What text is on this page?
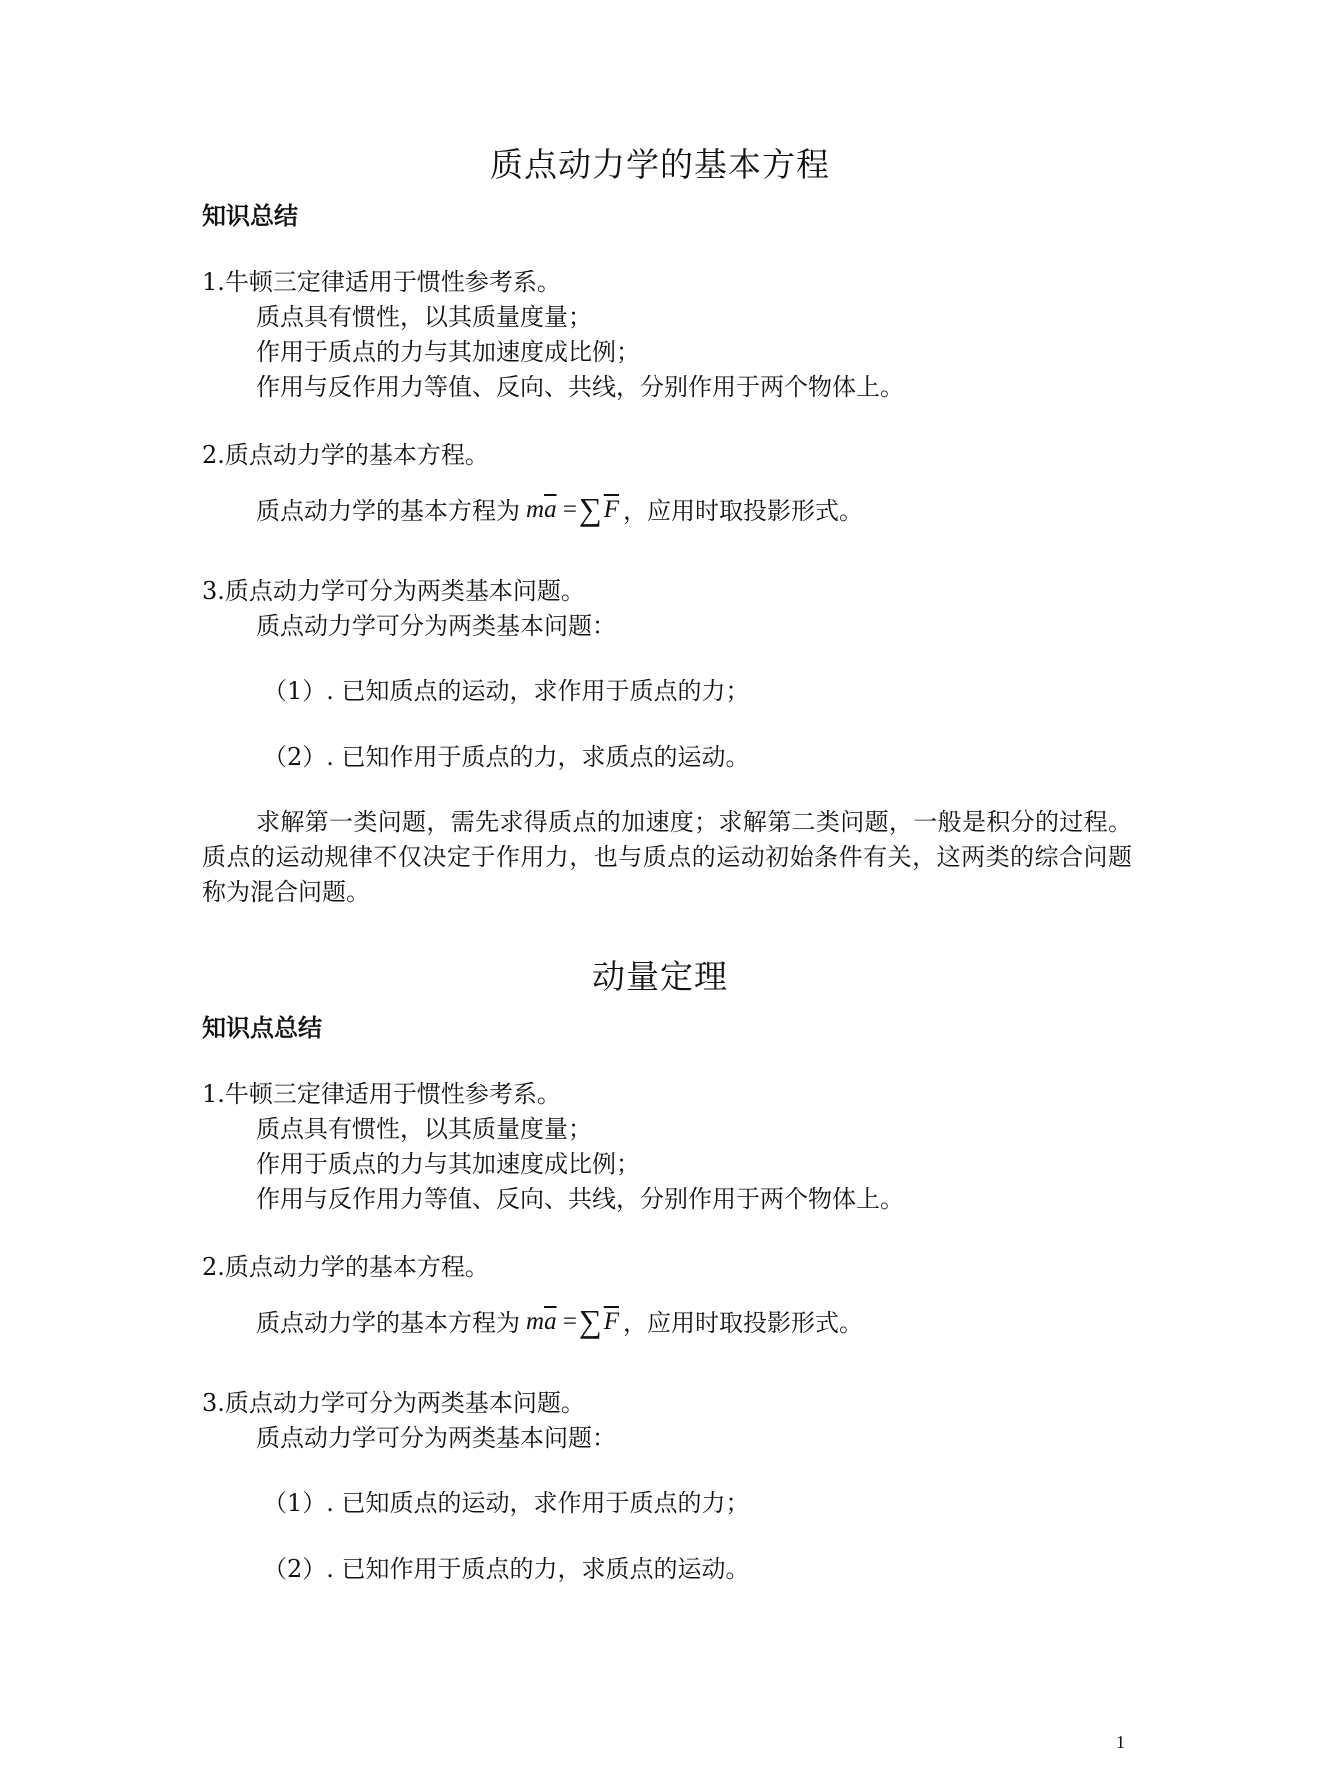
质点动力学的基本方程
知识总结
1.牛顿三定律适用于惯性参考系。
质点具有惯性，以其质量度量；
作用于质点的力与其加速度成比例；
作用与反作用力等值、反向、共线，分别作用于两个物体上。
2.质点动力学的基本方程。
质点动力学的基本方程为 $m\overline{a} =\sum\overline{F}$ ，应用时取投影形式。
3.质点动力学可分为两类基本问题。
质点动力学可分为两类基本问题：
（1）. 已知质点的运动，求作用于质点的力；
（2）. 已知作用于质点的力，求质点的运动。
求解第一类问题，需先求得质点的加速度；求解第二类问题，一般是积分的过程。质点的运动规律不仅决定于作用力，也与质点的运动初始条件有关，这两类的综合问题称为混合问题。
动量定理
知识点总结
1.牛顿三定律适用于惯性参考系。
质点具有惯性，以其质量度量；
作用于质点的力与其加速度成比例；
作用与反作用力等值、反向、共线，分别作用于两个物体上。
2.质点动力学的基本方程。
质点动力学的基本方程为 $m\overline{a} =\sum\overline{F}$ ，应用时取投影形式。
3.质点动力学可分为两类基本问题。
质点动力学可分为两类基本问题：
（1）. 已知质点的运动，求作用于质点的力；
（2）. 已知作用于质点的力，求质点的运动。
1
